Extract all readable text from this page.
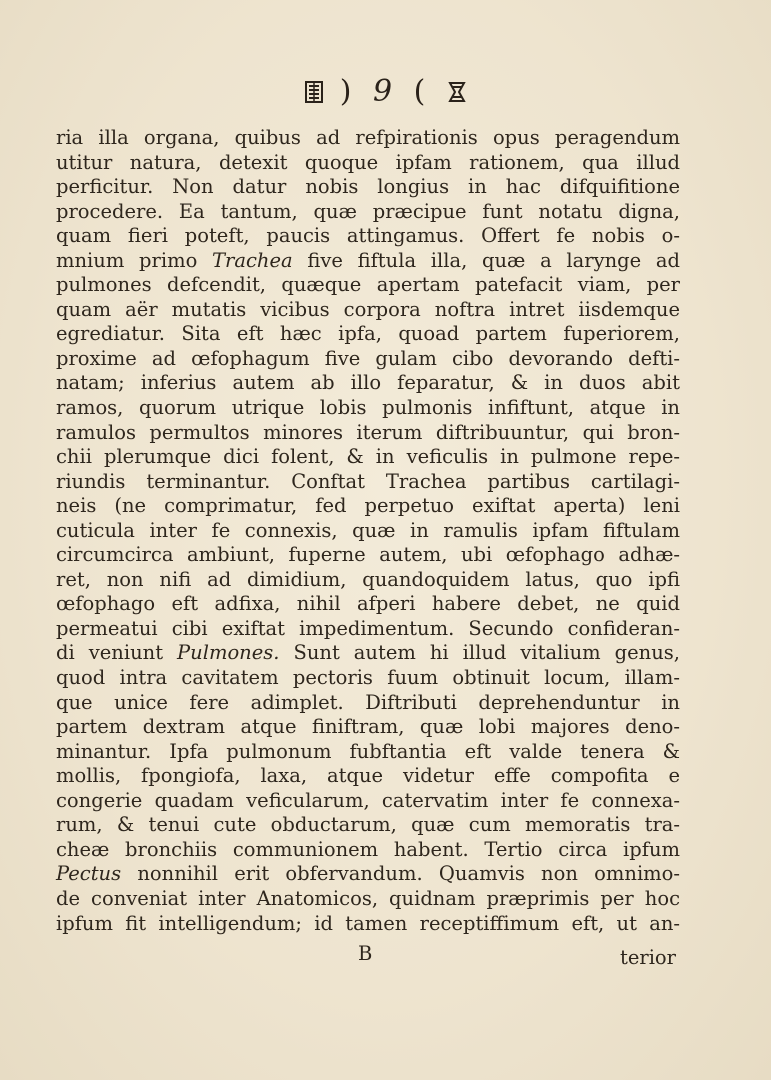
) 9 (
ria illa organa, quibus ad refpirationis opus peragendum
utitur natura, detexit quoque ipfam rationem, qua illud
perficitur. Non datur nobis longius in hac difquifitione
procedere. Ea tantum, quæ præcipue funt notatu digna,
quam fieri poteft, paucis attingamus. Offert fe nobis o-
mnium primo Trachea five fiftula illa, quæ a larynge ad
pulmones defcendit, quæque apertam patefacit viam, per
quam aër mutatis vicibus corpora noftra intret iisdemque
egrediatur. Sita eft hæc ipfa, quoad partem fuperiorem,
proxime ad œfophagum five gulam cibo devorando defti-
natam; inferius autem ab illo feparatur, & in duos abit
ramos, quorum utrique lobis pulmonis infiftunt, atque in
ramulos permultos minores iterum diftribuuntur, qui bron-
chii plerumque dici folent, & in veficulis in pulmone repe-
riundis terminantur. Conftat Trachea partibus cartilagi-
neis (ne comprimatur, fed perpetuo exiftat aperta) leni
cuticula inter fe connexis, quæ in ramulis ipfam fiftulam
circumcirca ambiunt, fuperne autem, ubi œfophago adhæ-
ret, non nifi ad dimidium, quandoquidem latus, quo ipfi
œfophago eft adfixa, nihil afperi habere debet, ne quid
permeatui cibi exiftat impedimentum. Secundo confideran-
di veniunt Pulmones. Sunt autem hi illud vitalium genus,
quod intra cavitatem pectoris fuum obtinuit locum, illam-
que unice fere adimplet. Diftributi deprehenduntur in
partem dextram atque finiftram, quæ lobi majores deno-
minantur. Ipfa pulmonum fubftantia eft valde tenera &
mollis, fpongiofa, laxa, atque videtur effe compofita e
congerie quadam veficularum, catervatim inter fe connexa-
rum, & tenui cute obductarum, quæ cum memoratis tra-
cheæ bronchiis communionem habent. Tertio circa ipfum
Pectus nonnihil erit obfervandum. Quamvis non omnimo-
de conveniat inter Anatomicos, quidnam præprimis per hoc
ipfum fit intelligendum; id tamen receptiffimum eft, ut an-
B	terior
